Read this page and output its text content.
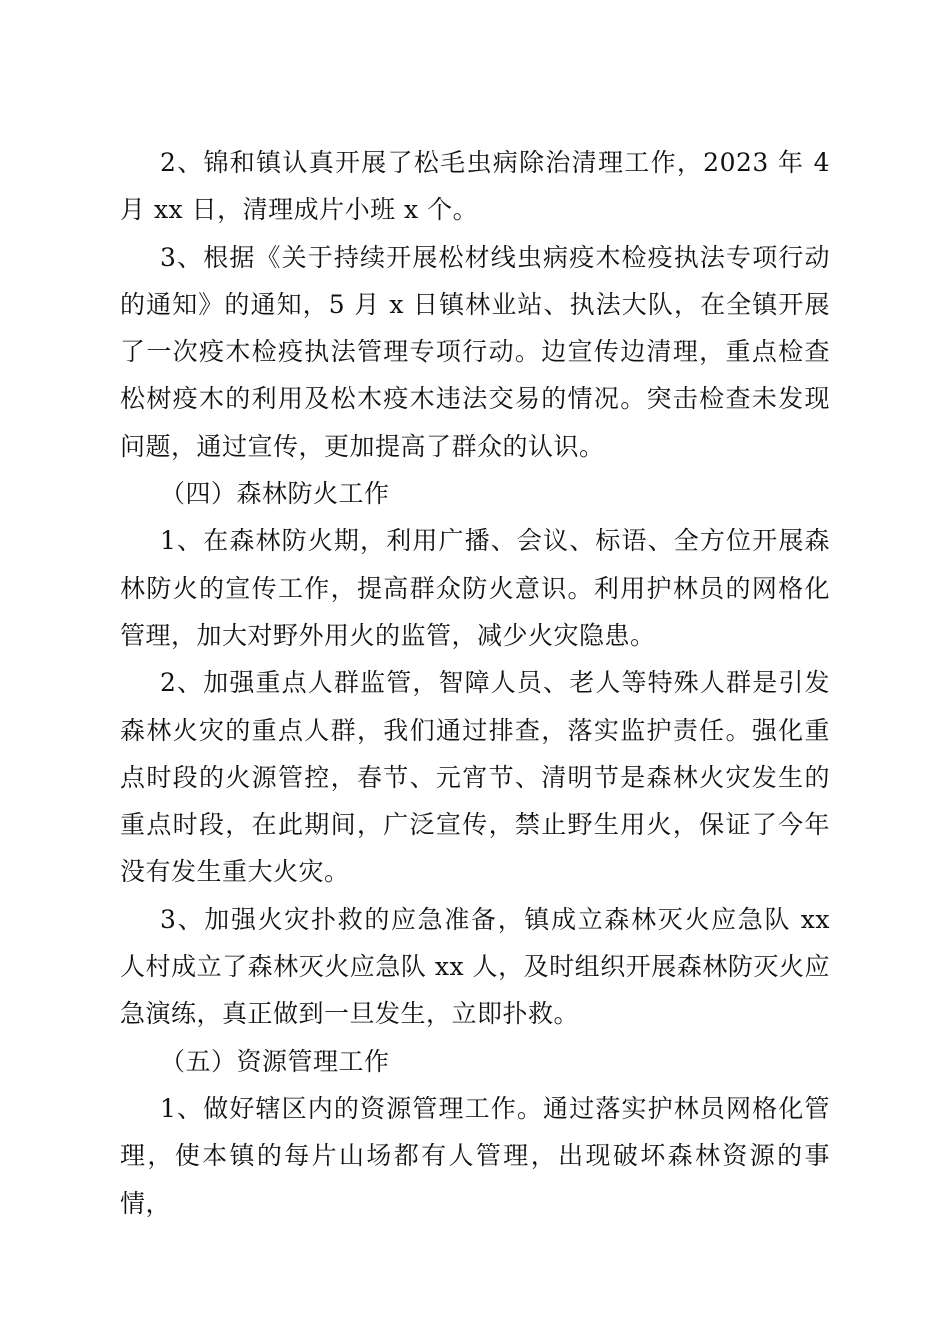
2、锦和镇认真开展了松毛虫病除治清理工作，2023 年 4 月 xx 日，清理成片小班 x 个。

3、根据《关于持续开展松材线虫病疫木检疫执法专项行动的通知》的通知，5 月 x 日镇林业站、执法大队，在全镇开展了一次疫木检疫执法管理专项行动。边宣传边清理，重点检查松树疫木的利用及松木疫木违法交易的情况。突击检查未发现问题，通过宣传，更加提高了群众的认识。

（四）森林防火工作

1、在森林防火期，利用广播、会议、标语、全方位开展森林防火的宣传工作，提高群众防火意识。利用护林员的网格化管理，加大对野外用火的监管，减少火灾隐患。

2、加强重点人群监管，智障人员、老人等特殊人群是引发森林火灾的重点人群，我们通过排查，落实监护责任。强化重点时段的火源管控，春节、元宵节、清明节是森林火灾发生的重点时段，在此期间，广泛宣传，禁止野生用火，保证了今年没有发生重大火灾。

3、加强火灾扑救的应急准备，镇成立森林灭火应急队 xx 人村成立了森林灭火应急队 xx 人，及时组织开展森林防灭火应急演练，真正做到一旦发生，立即扑救。

（五）资源管理工作

1、做好辖区内的资源管理工作。通过落实护林员网格化管理，使本镇的每片山场都有人管理，出现破坏森林资源的事情，
